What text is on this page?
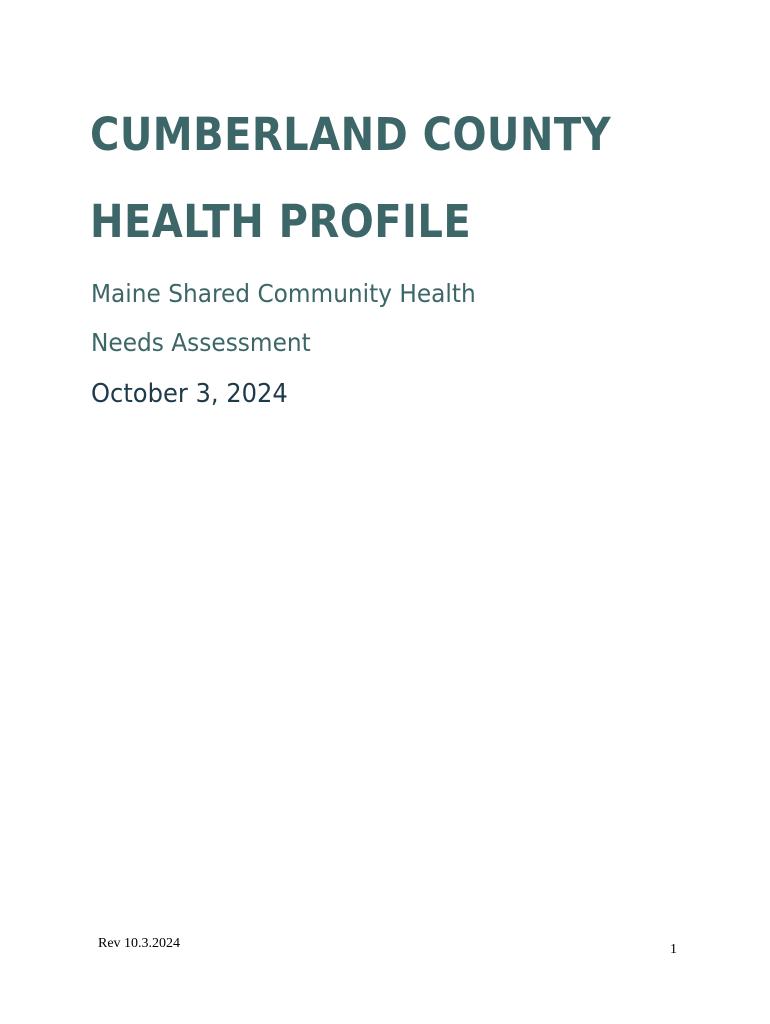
CUMBERLAND COUNTY
HEALTH PROFILE

Maine Shared Community Health

Needs Assessment

October 3, 2024

Rev 10.3.2024	1
